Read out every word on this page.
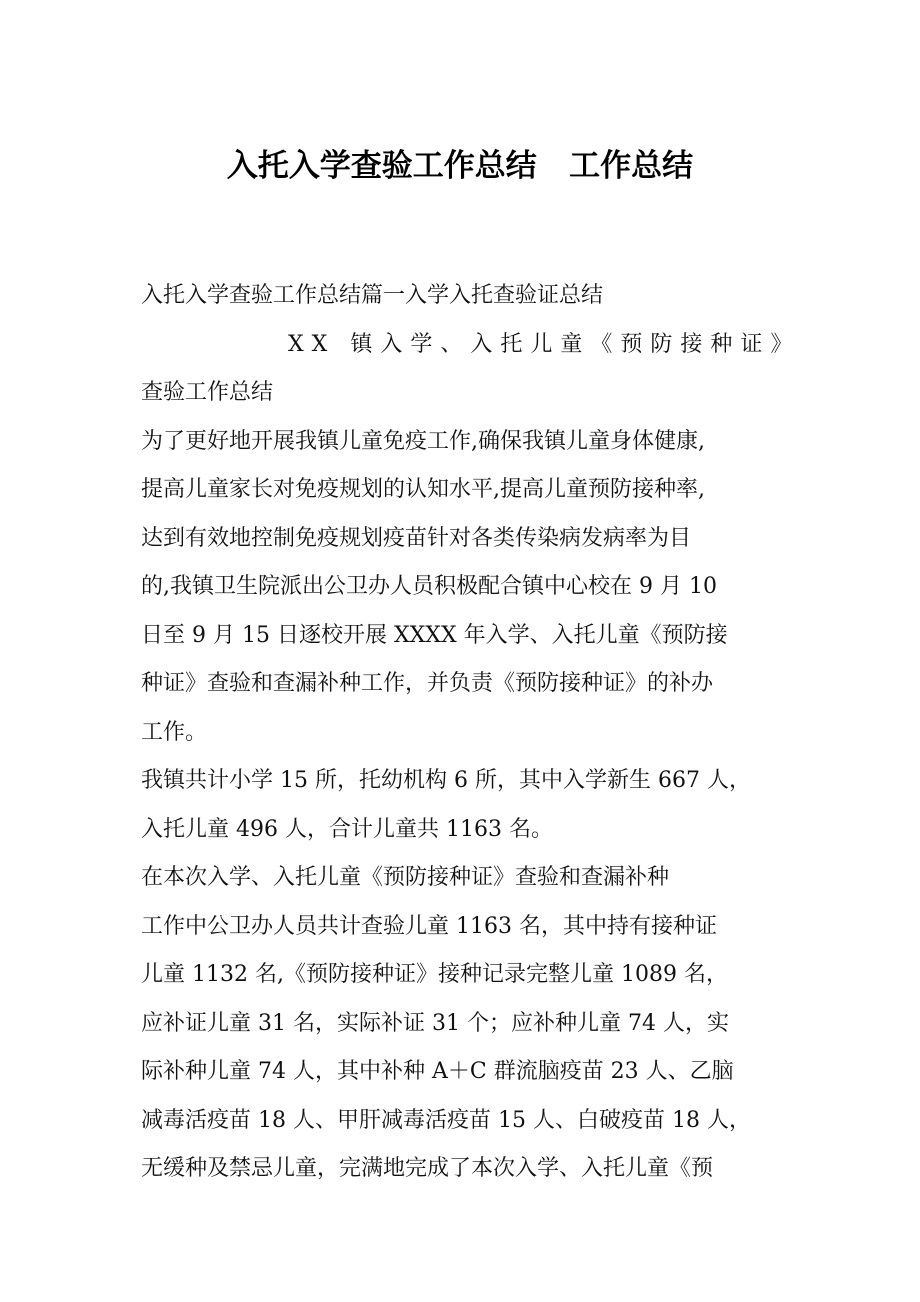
入托入学查验工作总结   工作总结
入托入学查验工作总结篇一入学入托查验证总结
XX 镇入学、入托儿童《预防接种证》
查验工作总结
为了更好地开展我镇儿童免疫工作,确保我镇儿童身体健康,
提高儿童家长对免疫规划的认知水平,提高儿童预防接种率,
达到有效地控制免疫规划疫苗针对各类传染病发病率为目
的,我镇卫生院派出公卫办人员积极配合镇中心校在 9 月 10
日至 9 月 15 日逐校开展 XXXX 年入学、入托儿童《预防接
种证》查验和查漏补种工作，并负责《预防接种证》的补办
工作。
我镇共计小学 15 所，托幼机构 6 所，其中入学新生 667 人，
入托儿童 496 人，合计儿童共 1163 名。
在本次入学、入托儿童《预防接种证》查验和查漏补种
工作中公卫办人员共计查验儿童 1163 名，其中持有接种证
儿童 1132 名,《预防接种证》接种记录完整儿童 1089 名，
应补证儿童 31 名，实际补证 31 个；应补种儿童 74 人，实
际补种儿童 74 人，其中补种 A＋C 群流脑疫苗 23 人、乙脑
减毒活疫苗 18 人、甲肝减毒活疫苗 15 人、白破疫苗 18 人，
无缓种及禁忌儿童，完满地完成了本次入学、入托儿童《预
